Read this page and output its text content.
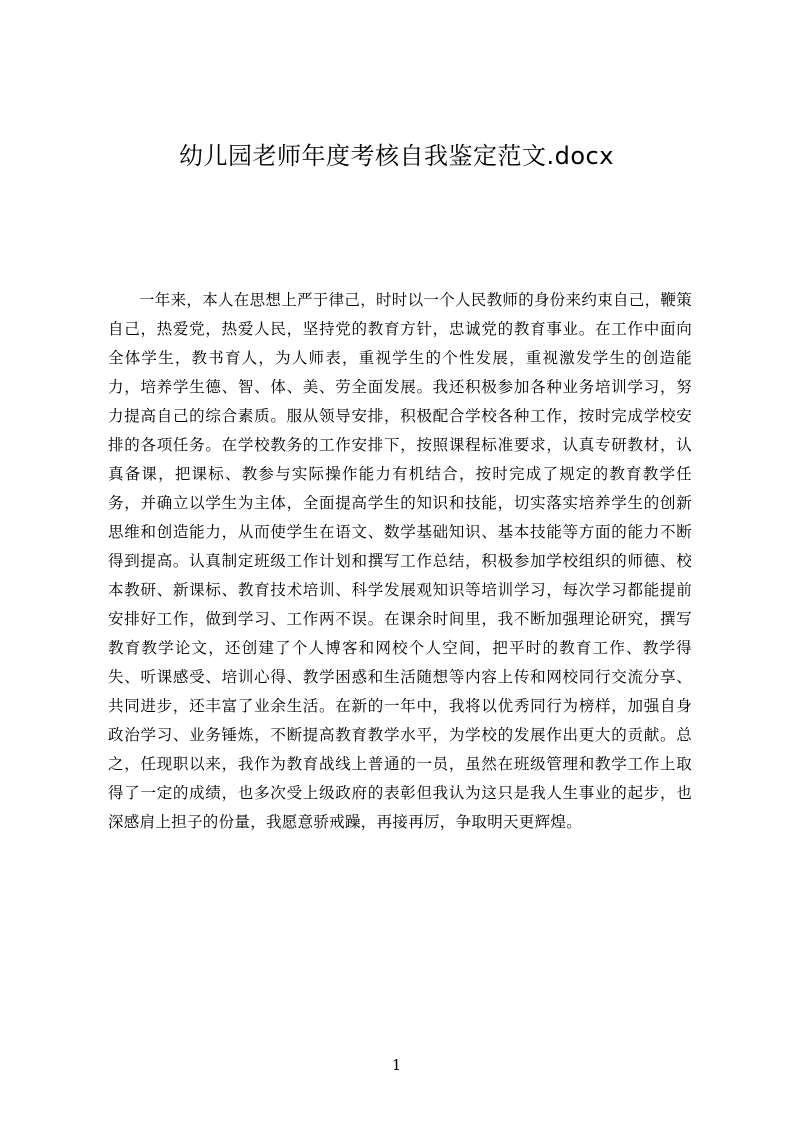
幼儿园老师年度考核自我鉴定范文.docx

一年来，本人在思想上严于律己，时时以一个人民教师的身份来约束自己，鞭策自己，热爱党，热爱人民，坚持党的教育方针，忠诚党的教育事业。在工作中面向全体学生，教书育人，为人师表，重视学生的个性发展，重视激发学生的创造能力，培养学生德、智、体、美、劳全面发展。我还积极参加各种业务培训学习，努力提高自己的综合素质。服从领导安排，积极配合学校各种工作，按时完成学校安排的各项任务。在学校教务的工作安排下，按照课程标准要求，认真专研教材，认真备课，把课标、教参与实际操作能力有机结合，按时完成了规定的教育教学任务，并确立以学生为主体，全面提高学生的知识和技能，切实落实培养学生的创新思维和创造能力，从而使学生在语文、数学基础知识、基本技能等方面的能力不断得到提高。认真制定班级工作计划和撰写工作总结，积极参加学校组织的师德、校本教研、新课标、教育技术培训、科学发展观知识等培训学习，每次学习都能提前安排好工作，做到学习、工作两不误。在课余时间里，我不断加强理论研究，撰写教育教学论文，还创建了个人博客和网校个人空间，把平时的教育工作、教学得失、听课感受、培训心得、教学困惑和生活随想等内容上传和网校同行交流分享、共同进步，还丰富了业余生活。在新的一年中，我将以优秀同行为榜样，加强自身政治学习、业务锤炼，不断提高教育教学水平，为学校的发展作出更大的贡献。总之，任现职以来，我作为教育战线上普通的一员，虽然在班级管理和教学工作上取得了一定的成绩，也多次受上级政府的表彰但我认为这只是我人生事业的起步，也深感肩上担子的份量，我愿意骄戒躁，再接再厉，争取明天更辉煌。

1
